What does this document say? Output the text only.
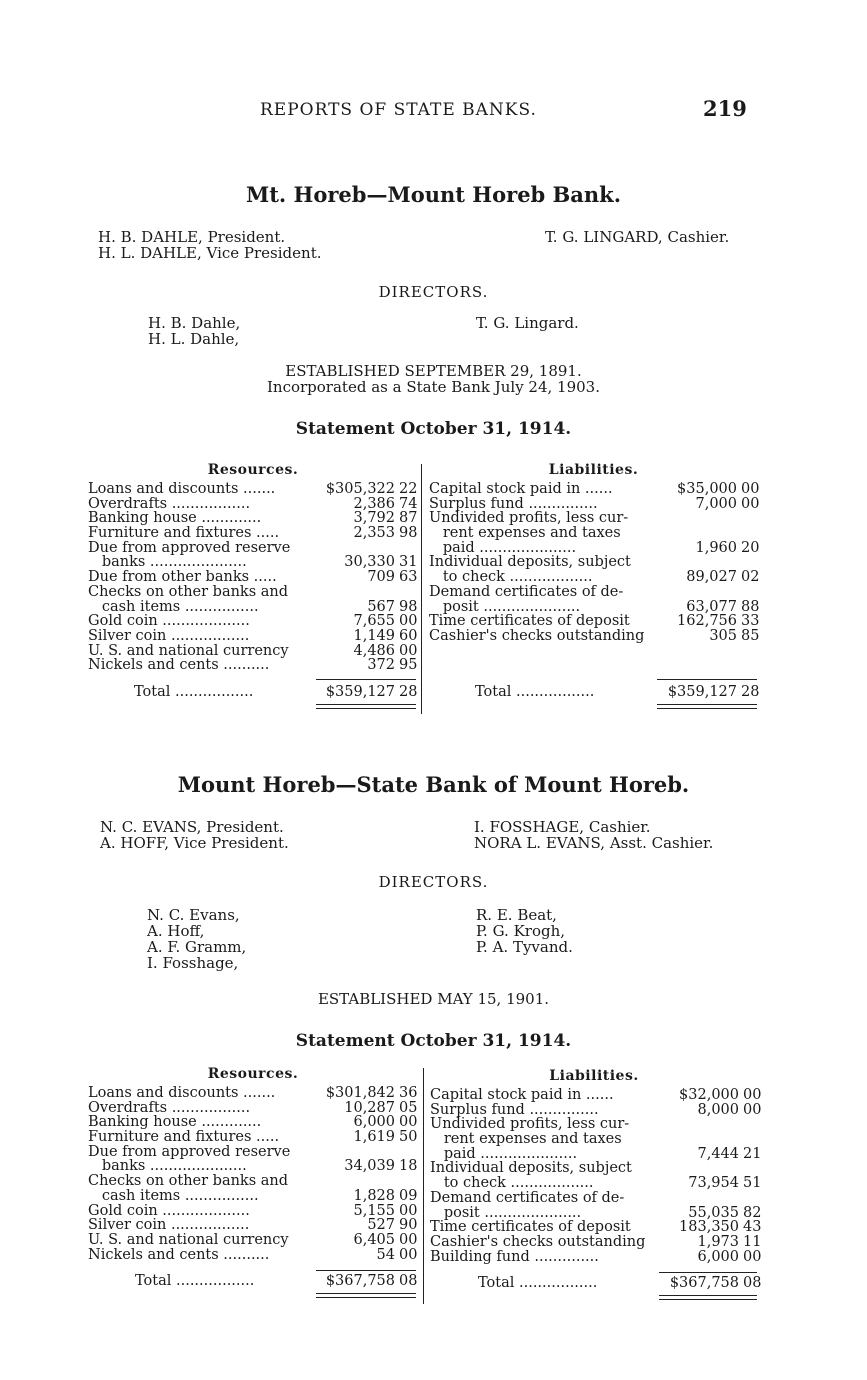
REPORTS OF STATE BANKS.	219
Mt. Horeb—Mount Horeb Bank.
H. B. DAHLE, President.
H. L. DAHLE, Vice President.
T. G. LINGARD, Cashier.
DIRECTORS.
H. B. Dahle,
H. L. Dahle,
T. G. Lingard.
ESTABLISHED SEPTEMBER 29, 1891.
Incorporated as a State Bank July 24, 1903.
Statement October 31, 1914.
Resources.
Loans and discounts .......	$305,322 22
Overdrafts .................	2,386 74
Banking house .............	3,792 87
Furniture and fixtures .....	2,353 98
Due from approved reserve
banks .....................	30,330 31
Due from other banks .....	709 63
Checks on other banks and
cash items ................	567 98
Gold coin ...................	7,655 00
Silver coin .................	1,149 60
U. S. and national currency	4,486 00
Nickels and cents ..........	372 95
Liabilities.
Capital stock paid in ......	$35,000 00
Surplus fund ...............	7,000 00
Undivided profits, less cur-
rent expenses and taxes
paid .....................	1,960 20
Individual deposits, subject
to check ..................	89,027 02
Demand certificates of de-
posit .....................	63,077 88
Time certificates of deposit	162,756 33
Cashier's checks outstanding	305 85
Total .................	$359,127 28	Total .................	$359,127 28
Mount Horeb—State Bank of Mount Horeb.
N. C. EVANS, President.
A. HOFF, Vice President.
I. FOSSHAGE, Cashier.
NORA L. EVANS, Asst. Cashier.
DIRECTORS.
N. C. Evans,
A. Hoff,
A. F. Gramm,
I. Fosshage,
R. E. Beat,
P. G. Krogh,
P. A. Tyvand.
ESTABLISHED MAY 15, 1901.
Statement October 31, 1914.
Resources.
Loans and discounts .......	$301,842 36
Overdrafts .................	10,287 05
Banking house .............	6,000 00
Furniture and fixtures .....	1,619 50
Due from approved reserve
banks .....................	34,039 18
Checks on other banks and
cash items ................	1,828 09
Gold coin ...................	5,155 00
Silver coin .................	527 90
U. S. and national currency	6,405 00
Nickels and cents ..........	54 00
Liabilities.
Capital stock paid in ......	$32,000 00
Surplus fund ...............	8,000 00
Undivided profits, less cur-
rent expenses and taxes
paid .....................	7,444 21
Individual deposits, subject
to check ..................	73,954 51
Demand certificates of de-
posit .....................	55,035 82
Time certificates of deposit	183,350 43
Cashier's checks outstanding	1,973 11
Building fund ..............	6,000 00
Total .................	$367,758 08	Total .................	$367,758 08
